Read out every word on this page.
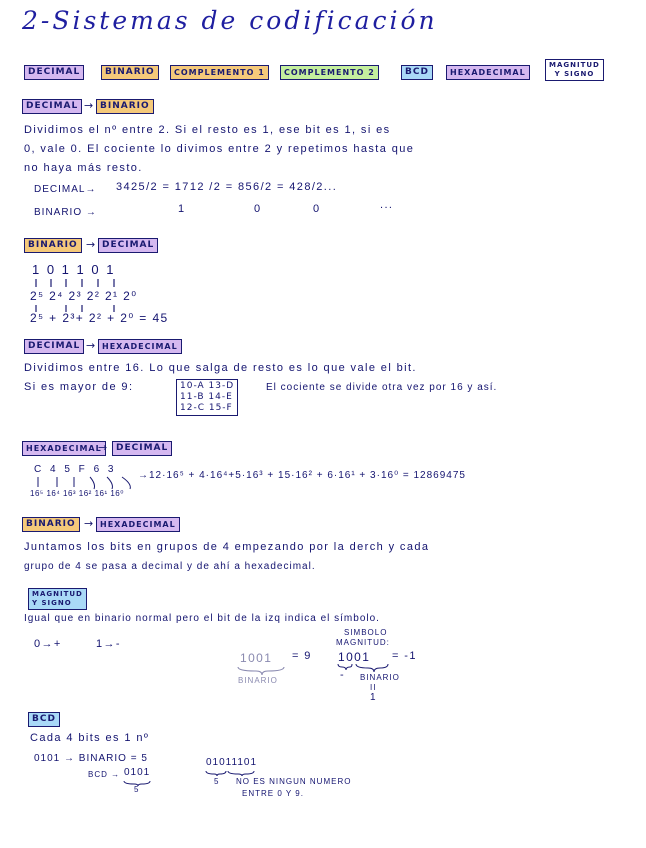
2-Sistemas de codificación
DECIMAL	BINARIO	COMPLEMENTO 1	COMPLEMENTO 2	BCD	HEXADECIMAL
MAGNITUD
Y SIGNO
DECIMAL → BINARIO
Dividimos el nº entre 2. Si el resto es 1, ese bit es 1, si es
0, vale 0. El cociente lo divimos entre 2 y repetimos hasta que
no haya más resto.
DECIMAL→ 3425/2 = 1712 /2 = 856/2 = 428/2...
BINARIO →	1	0	0	...
BINARIO → DECIMAL
1 0 1 1 0 1
2⁵ 2⁴ 2³ 2² 2¹ 2⁰
2⁵ + 2³+ 2² + 2⁰ = 45
DECIMAL → HEXADECIMAL
Dividimos entre 16. Lo que salga de resto es lo que vale el bit.
Si es mayor de 9:	10-A 13-D
11-B 14-E
12-C 15-F
El cociente se divide otra vez por 16 y así.
HEXADECIMAL
→ DECIMAL
C 4 5 F 6 3
→12·16⁵ + 4·16⁴+5·16³ + 15·16² + 6·16¹ + 3·16⁰ = 12869475
16⁵ 16⁴ 16³ 16² 16¹ 16⁰
BINARIO → HEXADECIMAL
Juntamos los bits en grupos de 4 empezando por la derch y cada
grupo de 4 se pasa a decimal y de ahí a hexadecimal.
MAGNITUD
Y SIGNO
Igual que en binario normal pero el bit de la izq indica el símbolo.
0→+	1→-
1001 = 9
BINARIO
SIMBOLO
MAGNITUD:
1001 = -1
- BINARIO
II
1
BCD
Cada 4 bits es 1 nº
0101 → BINARIO = 5
BCD → 0101
5
01011101
5 NO ES NINGUN NUMERO
ENTRE 0 Y 9.
